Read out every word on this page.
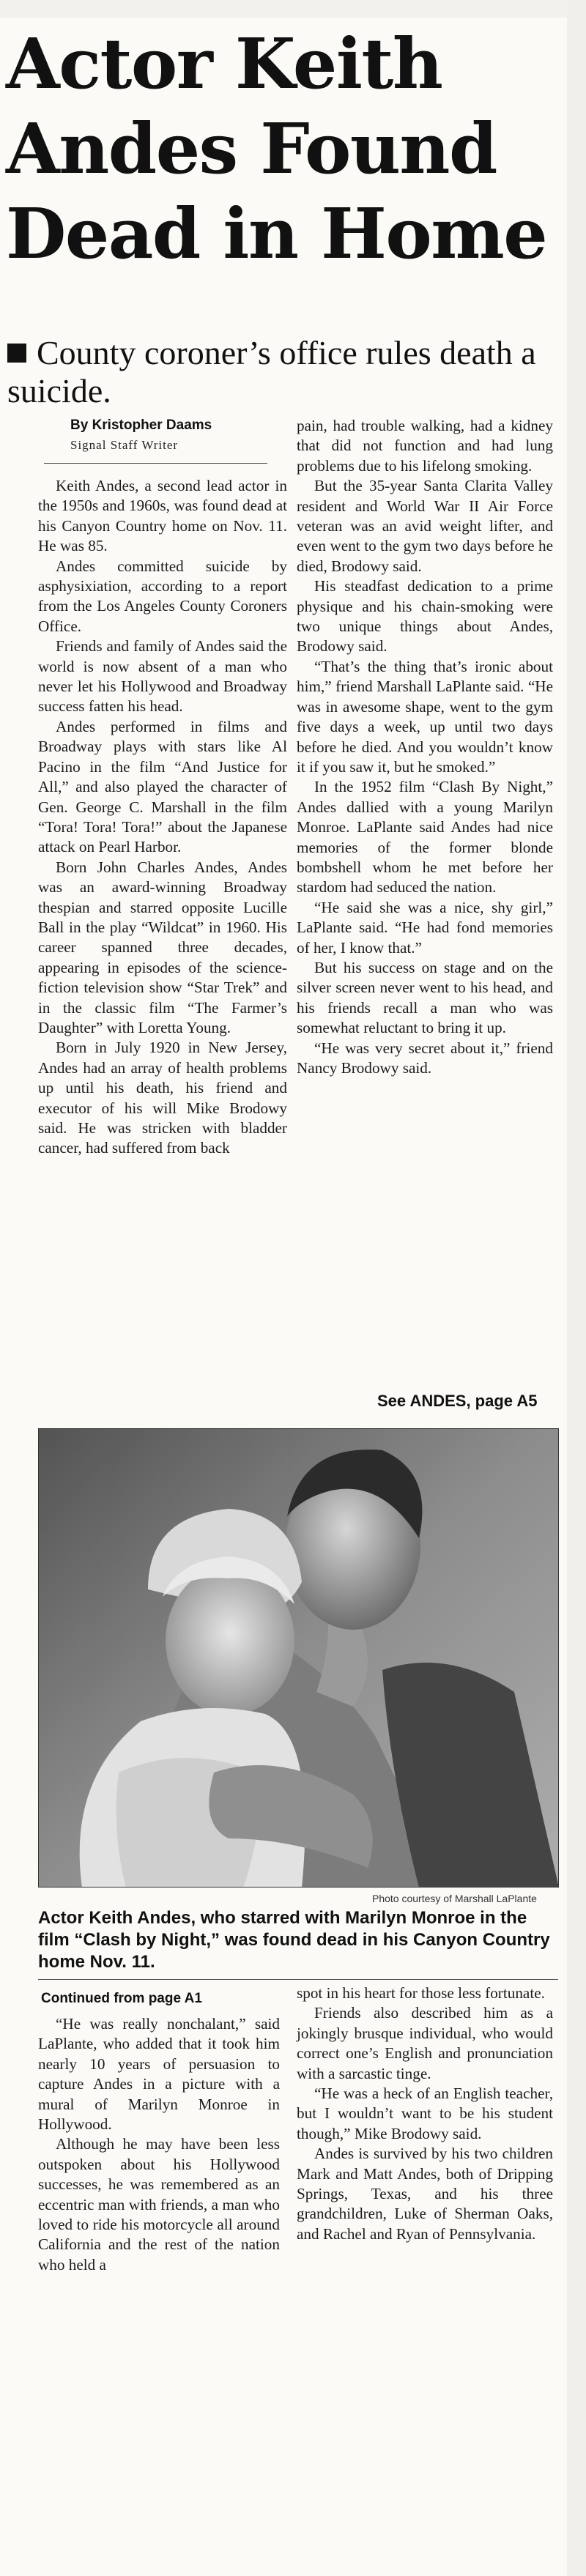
Actor Keith
Andes Found
Dead in Home
County coroner’s office rules death a suicide.
By Kristopher Daams
Signal Staff Writer

Keith Andes, a second lead actor in the 1950s and 1960s, was found dead at his Canyon Country home on Nov. 11. He was 85.

Andes committed suicide by asphysixiation, according to a report from the Los Angeles County Coroners Office.

Friends and family of Andes said the world is now absent of a man who never let his Hollywood and Broadway success fatten his head.

Andes performed in films and Broadway plays with stars like Al Pacino in the film “And Justice for All,” and also played the character of Gen. George C. Marshall in the film “Tora! Tora! Tora!” about the Japanese attack on Pearl Harbor.

Born John Charles Andes, Andes was an award-winning Broadway thespian and starred opposite Lucille Ball in the play “Wildcat” in 1960. His career spanned three decades, appearing in episodes of the science-fiction television show “Star Trek” and in the classic film “The Farmer’s Daughter” with Loretta Young.

Born in July 1920 in New Jersey, Andes had an array of health problems up until his death, his friend and executor of his will Mike Brodowy said. He was stricken with bladder cancer, had suffered from back

pain, had trouble walking, had a kidney that did not function and had lung problems due to his lifelong smoking.

But the 35-year Santa Clarita Valley resident and World War II Air Force veteran was an avid weight lifter, and even went to the gym two days before he died, Brodowy said.

His steadfast dedication to a prime physique and his chain-smoking were two unique things about Andes, Brodowy said.

“That’s the thing that’s ironic about him,” friend Marshall LaPlante said. “He was in awesome shape, went to the gym five days a week, up until two days before he died. And you wouldn’t know it if you saw it, but he smoked.”

In the 1952 film “Clash By Night,” Andes dallied with a young Marilyn Monroe. LaPlante said Andes had nice memories of the former blonde bombshell whom he met before her stardom had seduced the nation.

“He said she was a nice, shy girl,” LaPlante said. “He had fond memories of her, I know that.”

But his success on stage and on the silver screen never went to his head, and his friends recall a man who was somewhat reluctant to bring it up.

“He was very secret about it,” friend Nancy Brodowy said.

See ANDES, page A5
Photo courtesy of Marshall LaPlante
Actor Keith Andes, who starred with Marilyn Monroe in the film “Clash by Night,” was found dead in his Canyon Country home Nov. 11.
Continued from page A1

“He was really nonchalant,” said LaPlante, who added that it took him nearly 10 years of persuasion to capture Andes in a picture with a mural of Marilyn Monroe in Hollywood.

Although he may have been less outspoken about his Hollywood successes, he was remembered as an eccentric man with friends, a man who loved to ride his motorcycle all around California and the rest of the nation who held a

spot in his heart for those less fortunate.

Friends also described him as a jokingly brusque individual, who would correct one’s English and pronunciation with a sarcastic tinge.

“He was a heck of an English teacher, but I wouldn’t want to be his student though,” Mike Brodowy said.

Andes is survived by his two children Mark and Matt Andes, both of Dripping Springs, Texas, and his three grandchildren, Luke of Sherman Oaks, and Rachel and Ryan of Pennsylvania.
